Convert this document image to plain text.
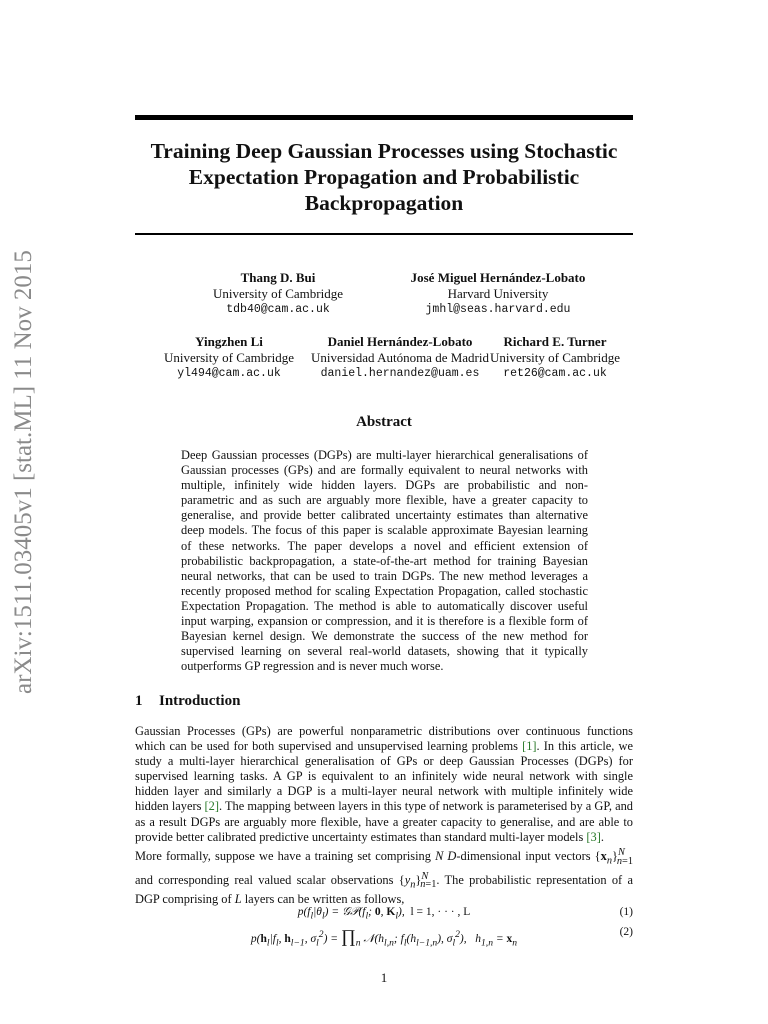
arXiv:1511.03405v1 [stat.ML] 11 Nov 2015
Training Deep Gaussian Processes using Stochastic Expectation Propagation and Probabilistic Backpropagation
Thang D. Bui
University of Cambridge
tdb40@cam.ac.uk
José Miguel Hernández-Lobato
Harvard University
jmhl@seas.harvard.edu
Yingzhen Li
University of Cambridge
yl494@cam.ac.uk
Daniel Hernández-Lobato
Universidad Autónoma de Madrid
daniel.hernandez@uam.es
Richard E. Turner
University of Cambridge
ret26@cam.ac.uk
Abstract
Deep Gaussian processes (DGPs) are multi-layer hierarchical generalisations of Gaussian processes (GPs) and are formally equivalent to neural networks with multiple, infinitely wide hidden layers. DGPs are probabilistic and non-parametric and as such are arguably more flexible, have a greater capacity to generalise, and provide better calibrated uncertainty estimates than alternative deep models. The focus of this paper is scalable approximate Bayesian learning of these networks. The paper develops a novel and efficient extension of probabilistic backpropagation, a state-of-the-art method for training Bayesian neural networks, that can be used to train DGPs. The new method leverages a recently proposed method for scaling Expectation Propagation, called stochastic Expectation Propagation. The method is able to automatically discover useful input warping, expansion or compression, and it is therefore is a flexible form of Bayesian kernel design. We demonstrate the success of the new method for supervised learning on several real-world datasets, showing that it typically outperforms GP regression and is never much worse.
1 Introduction
Gaussian Processes (GPs) are powerful nonparametric distributions over continuous functions which can be used for both supervised and unsupervised learning problems [1]. In this article, we study a multi-layer hierarchical generalisation of GPs or deep Gaussian Processes (DGPs) for supervised learning tasks. A GP is equivalent to an infinitely wide neural network with single hidden layer and similarly a DGP is a multi-layer neural network with multiple infinitely wide hidden layers [2]. The mapping between layers in this type of network is parameterised by a GP, and as a result DGPs are arguably more flexible, have a greater capacity to generalise, and are able to provide better calibrated predictive uncertainty estimates than standard multi-layer models [3].
More formally, suppose we have a training set comprising N D-dimensional input vectors $\{x_n\}^N_{n=1}$ and corresponding real valued scalar observations $\{y_n\}^N_{n=1}$. The probabilistic representation of a DGP comprising of L layers can be written as follows,
$p(f_l|\theta_l)$ = $𝒢𝒫(f_l$; 0, $K_l$),  l = 1, · · · , L	(1)
$p(h_l|f_l$, $h_{l-1}$, $\sigma_l^2$) = $\prod_n$ $𝒩(h_{l,n}$; $f_l(h_{l-1,n})$, $\sigma_l^2$),   $h_{1,n} = x_n$
(2)
1
